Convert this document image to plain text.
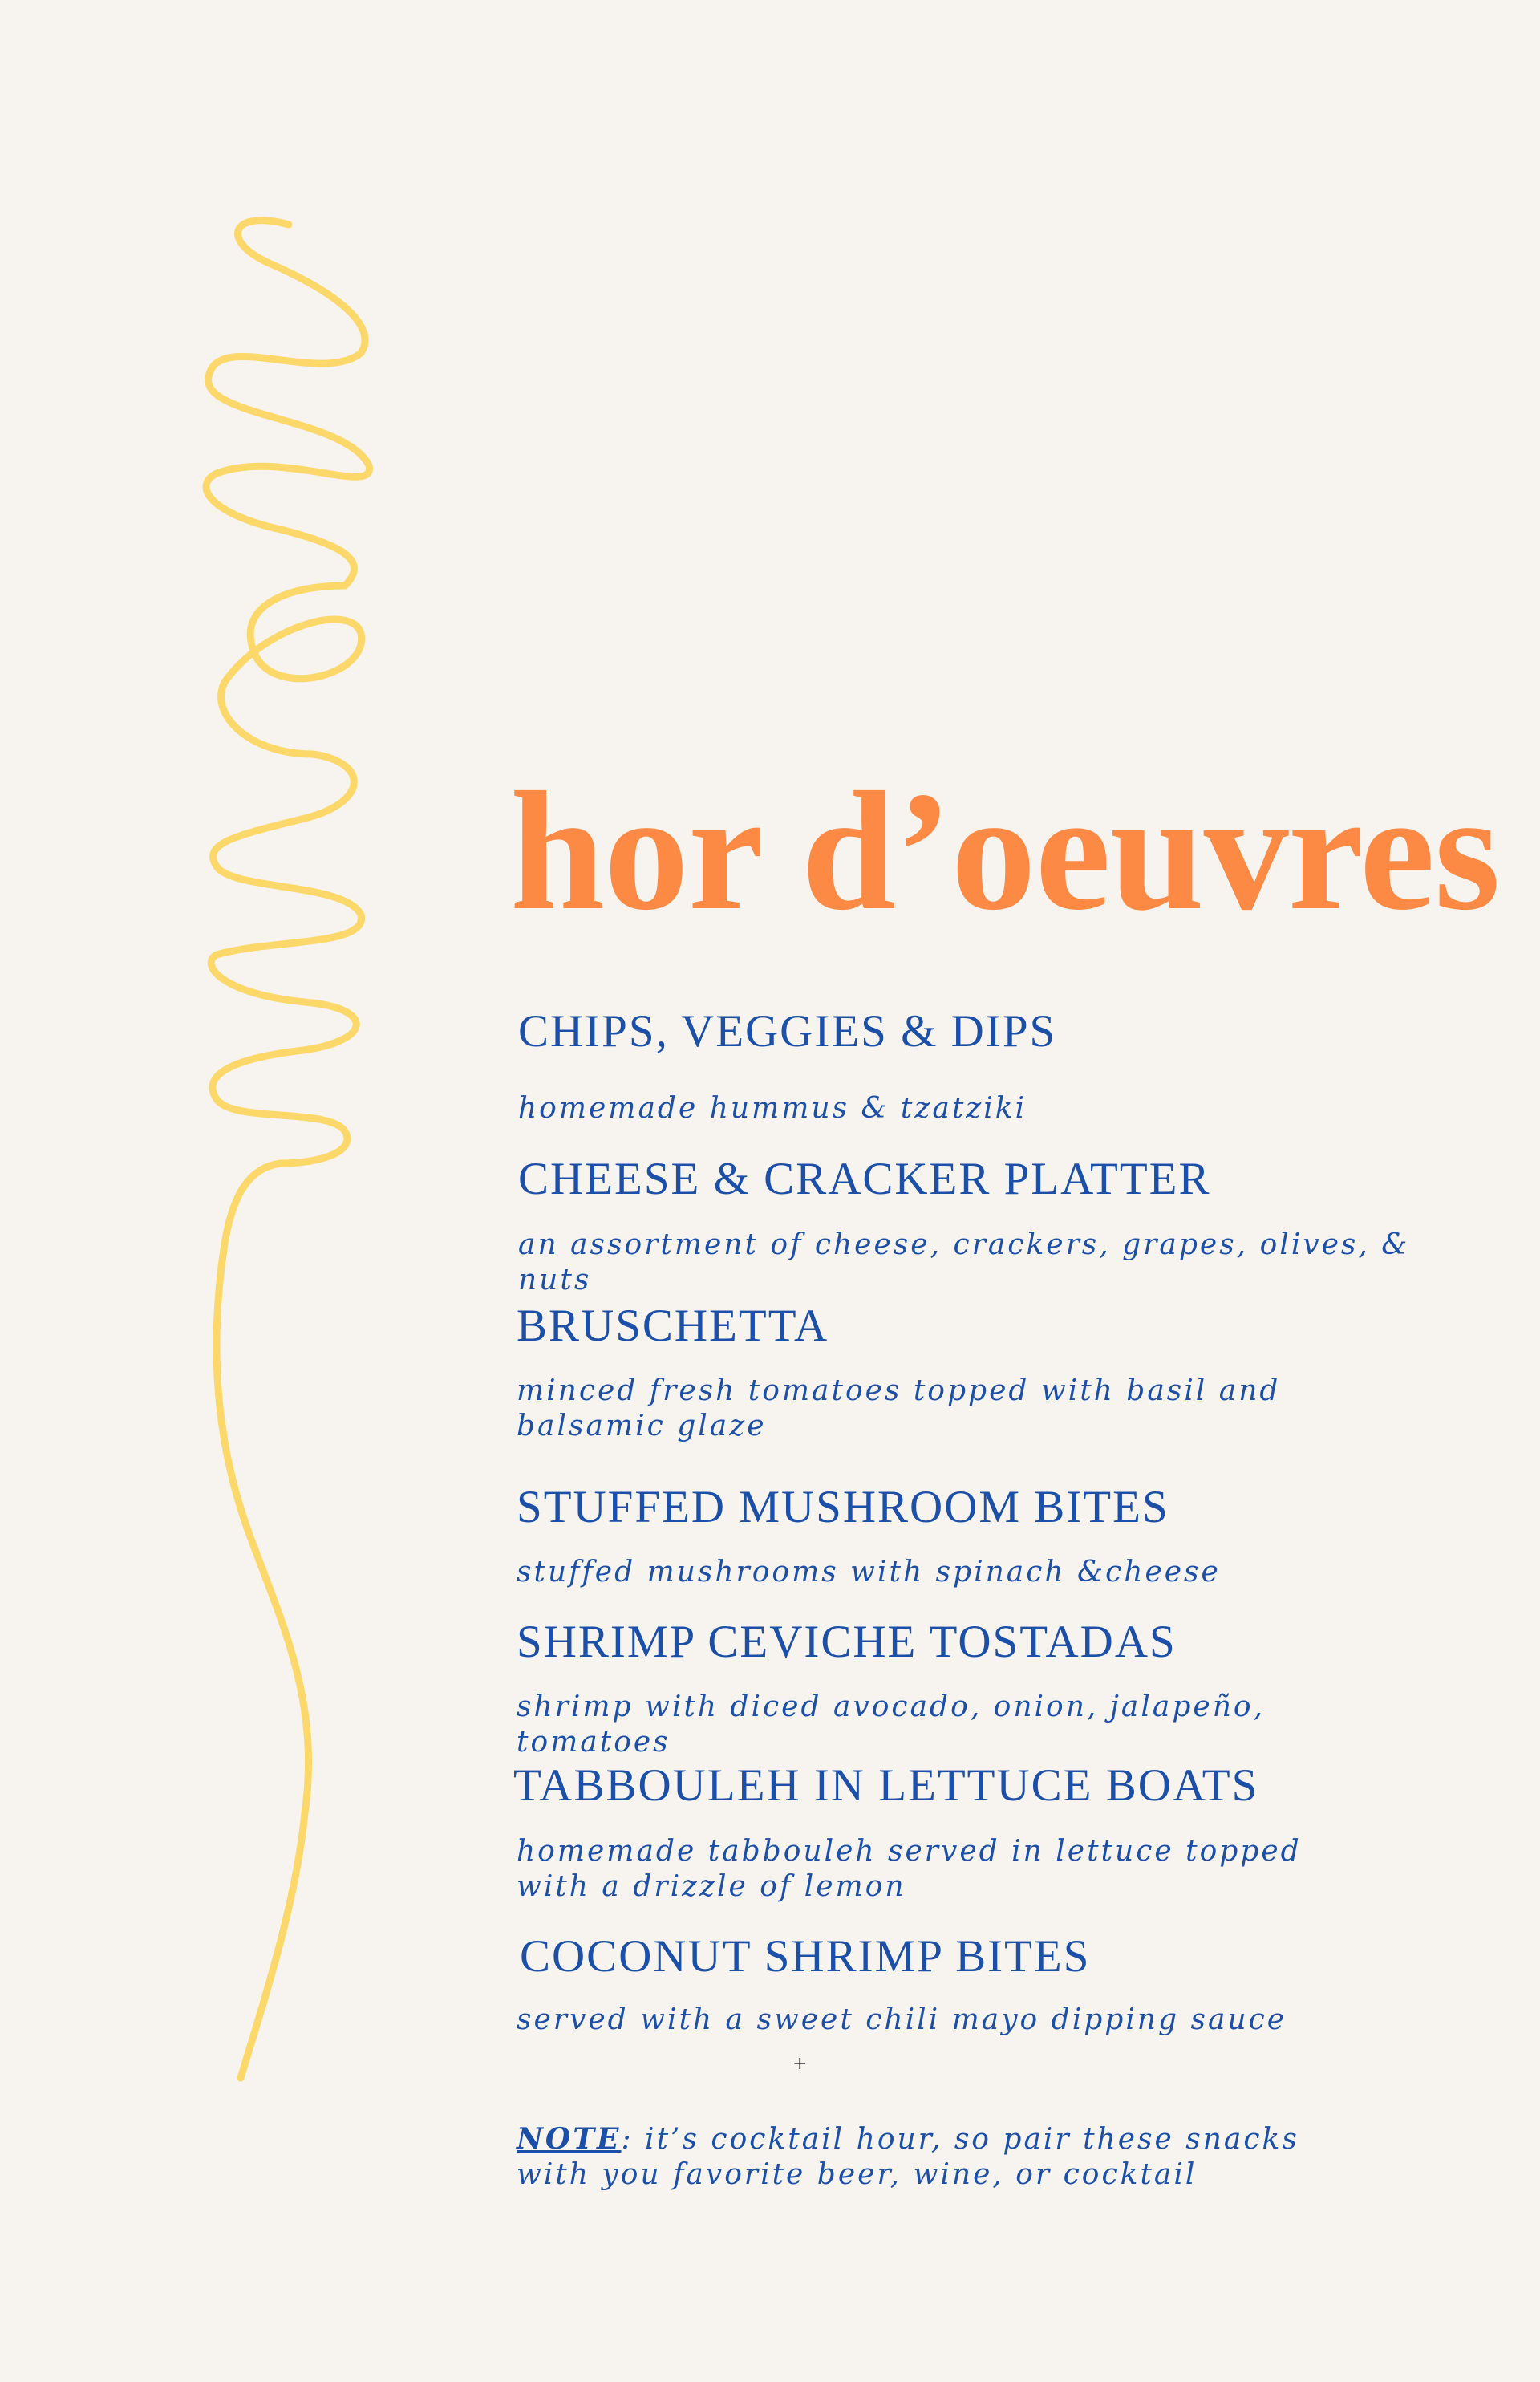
hor d’oeuvres
CHIPS, VEGGIES & DIPS
homemade hummus & tzatziki
CHEESE & CRACKER PLATTER
an assortment of cheese, crackers, grapes, olives, & nuts
BRUSCHETTA
minced fresh tomatoes topped with basil and balsamic glaze
STUFFED MUSHROOM BITES
stuffed mushrooms with spinach &cheese
SHRIMP CEVICHE TOSTADAS
shrimp with diced avocado, onion, jalapeño, tomatoes
TABBOULEH IN LETTUCE BOATS
homemade tabbouleh served in lettuce topped with a drizzle of lemon
COCONUT SHRIMP BITES
served with a sweet chili mayo dipping sauce
+
NOTE: it’s cocktail hour, so pair these snacks with you favorite beer, wine, or cocktail
